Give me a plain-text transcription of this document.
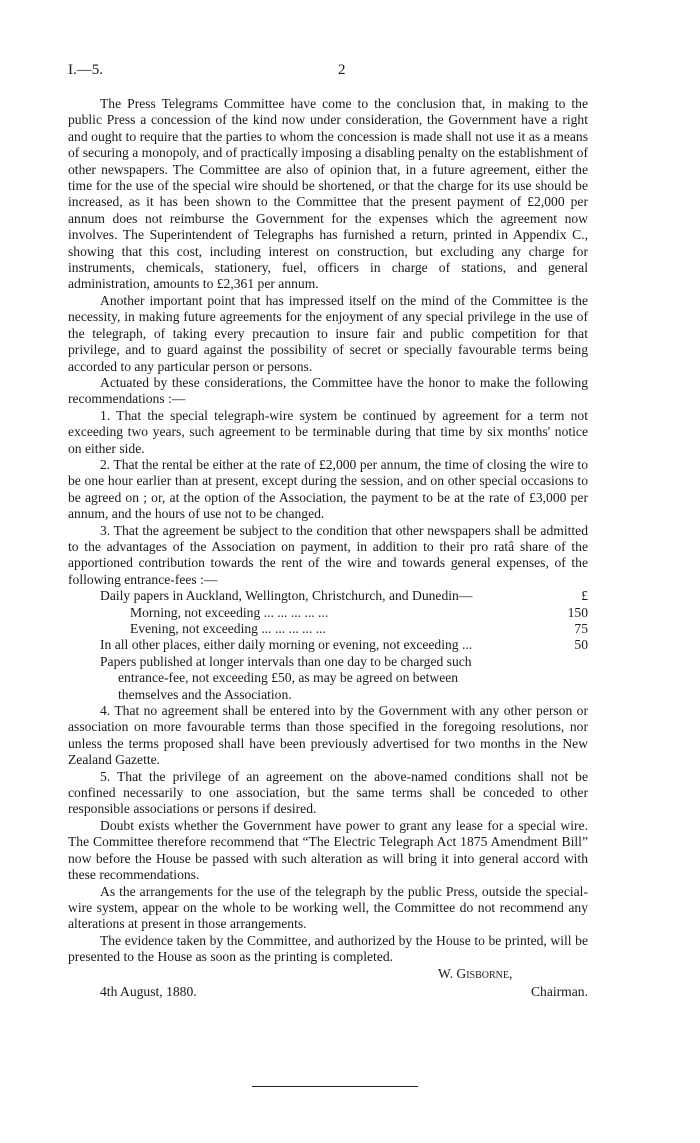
I.—5.	2

The Press Telegrams Committee have come to the conclusion that, in making to the public Press a concession of the kind now under consideration, the Government have a right and ought to require that the parties to whom the concession is made shall not use it as a means of securing a monopoly, and of practically imposing a disabling penalty on the establishment of other newspapers. The Committee are also of opinion that, in a future agreement, either the time for the use of the special wire should be shortened, or that the charge for its use should be increased, as it has been shown to the Committee that the present payment of £2,000 per annum does not reimburse the Government for the expenses which the agreement now involves. The Superintendent of Telegraphs has furnished a return, printed in Appendix C., showing that this cost, including interest on construction, but excluding any charge for instruments, chemicals, stationery, fuel, officers in charge of stations, and general administration, amounts to £2,361 per annum.

Another important point that has impressed itself on the mind of the Committee is the necessity, in making future agreements for the enjoyment of any special privilege in the use of the telegraph, of taking every precaution to insure fair and public competition for that privilege, and to guard against the possibility of secret or specially favourable terms being accorded to any particular person or persons.

Actuated by these considerations, the Committee have the honor to make the following recommendations :—

1. That the special telegraph-wire system be continued by agreement for a term not exceeding two years, such agreement to be terminable during that time by six months' notice on either side.

2. That the rental be either at the rate of £2,000 per annum, the time of closing the wire to be one hour earlier than at present, except during the session, and on other special occasions to be agreed on ; or, at the option of the Association, the payment to be at the rate of £3,000 per annum, and the hours of use not to be changed.

3. That the agreement be subject to the condition that other newspapers shall be admitted to the advantages of the Association on payment, in addition to their pro ratâ share of the apportioned contribution towards the rent of the wire and towards general expenses, of the following entrance-fees :—

Daily papers in Auckland, Wellington, Christchurch, and Dunedin—	£
Morning, not exceeding ... ... ... ... ...	150
Evening, not exceeding ... ... ... ... ...	75
In all other places, either daily morning or evening, not exceeding ...	50
Papers published at longer intervals than one day to be charged such
entrance-fee, not exceeding £50, as may be agreed on between
themselves and the Association.

4. That no agreement shall be entered into by the Government with any other person or association on more favourable terms than those specified in the foregoing resolutions, nor unless the terms proposed shall have been previously advertised for two months in the New Zealand Gazette.

5. That the privilege of an agreement on the above-named conditions shall not be confined necessarily to one association, but the same terms shall be conceded to other responsible associations or persons if desired.

Doubt exists whether the Government have power to grant any lease for a special wire. The Committee therefore recommend that “The Electric Telegraph Act 1875 Amendment Bill” now before the House be passed with such alteration as will bring it into general accord with these recommendations.

As the arrangements for the use of the telegraph by the public Press, outside the special-wire system, appear on the whole to be working well, the Committee do not recommend any alterations at present in those arrangements.

The evidence taken by the Committee, and authorized by the House to be printed, will be presented to the House as soon as the printing is completed.

W. Gisborne,
4th August, 1880.	Chairman.
